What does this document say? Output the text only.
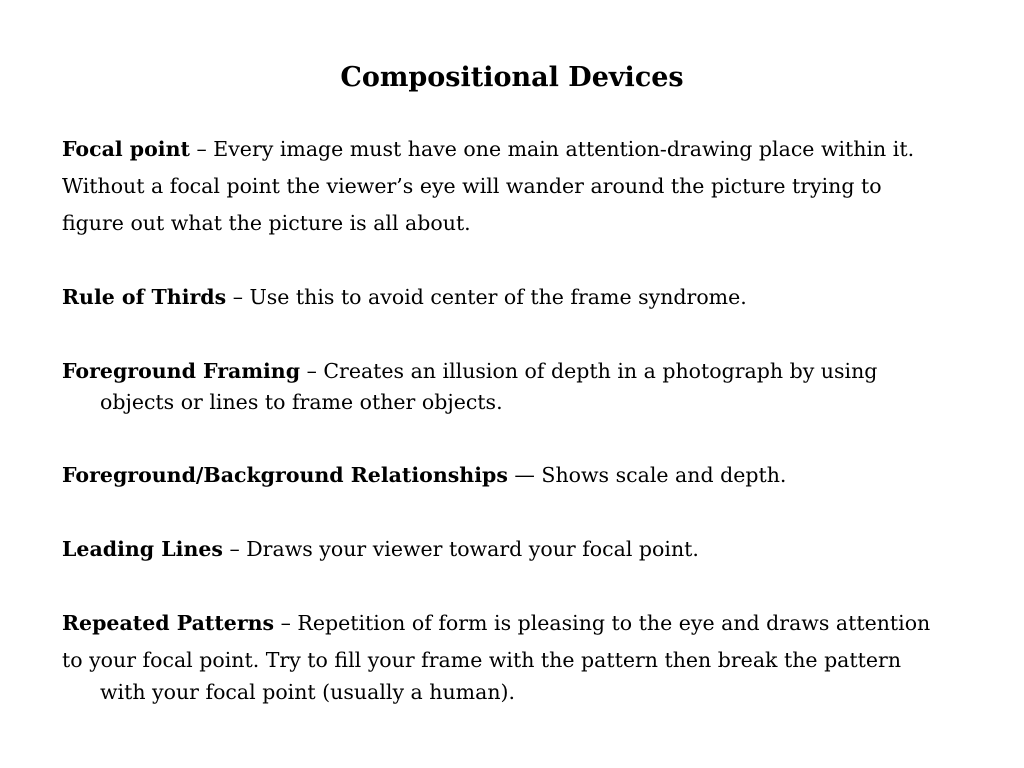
Compositional Devices
Focal point – Every image must have one main attention-drawing place within it.
Without a focal point the viewer’s eye will wander around the picture trying to
figure out what the picture is all about.
Rule of Thirds – Use this to avoid center of the frame syndrome.
Foreground Framing – Creates an illusion of depth in a photograph by using
objects or lines to frame other objects.
Foreground/Background Relationships — Shows scale and depth.
Leading Lines – Draws your viewer toward your focal point.
Repeated Patterns – Repetition of form is pleasing to the eye and draws attention
to your focal point. Try to fill your frame with the pattern then break the pattern
with your focal point (usually a human).
